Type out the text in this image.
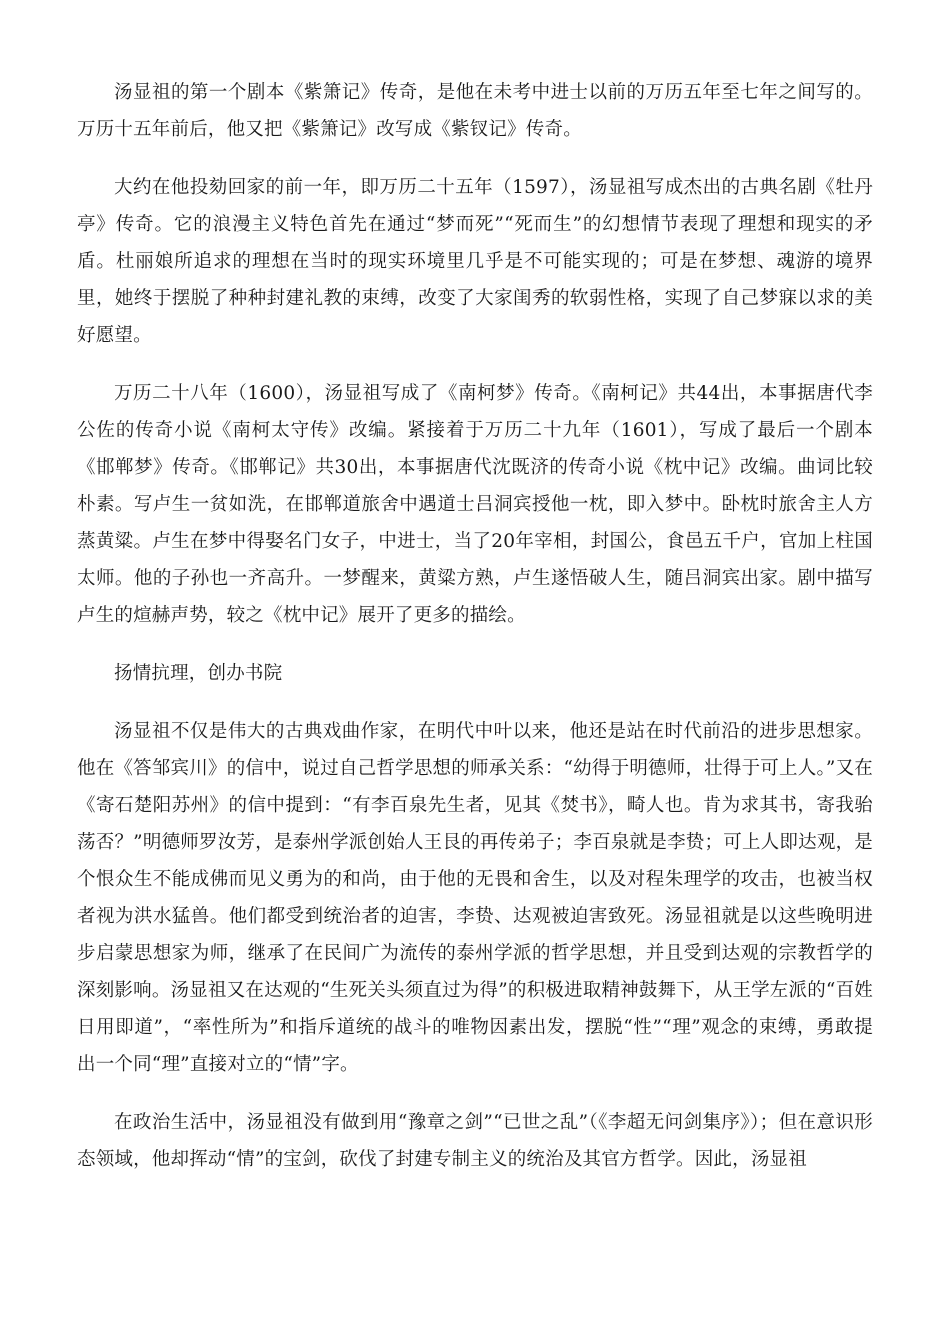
汤显祖的第一个剧本《紫箫记》传奇，是他在未考中进士以前的万历五年至七年之间写的。万历十五年前后，他又把《紫箫记》改写成《紫钗记》传奇。

大约在他投劾回家的前一年，即万历二十五年（1597），汤显祖写成杰出的古典名剧《牡丹亭》传奇。它的浪漫主义特色首先在通过“梦而死”“死而生”的幻想情节表现了理想和现实的矛盾。杜丽娘所追求的理想在当时的现实环境里几乎是不可能实现的；可是在梦想、魂游的境界里，她终于摆脱了种种封建礼教的束缚，改变了大家闺秀的软弱性格，实现了自己梦寐以求的美好愿望。

万历二十八年（1600），汤显祖写成了《南柯梦》传奇。《南柯记》共44出，本事据唐代李公佐的传奇小说《南柯太守传》改编。紧接着于万历二十九年（1601），写成了最后一个剧本《邯郸梦》传奇。《邯郸记》共30出，本事据唐代沈既济的传奇小说《枕中记》改编。曲词比较朴素。写卢生一贫如洗，在邯郸道旅舍中遇道士吕洞宾授他一枕，即入梦中。卧枕时旅舍主人方蒸黄粱。卢生在梦中得娶名门女子，中进士，当了20年宰相，封国公，食邑五千户，官加上柱国太师。他的子孙也一齐高升。一梦醒来，黄粱方熟，卢生遂悟破人生，随吕洞宾出家。剧中描写卢生的煊赫声势，较之《枕中记》展开了更多的描绘。

扬情抗理，创办书院

汤显祖不仅是伟大的古典戏曲作家，在明代中叶以来，他还是站在时代前沿的进步思想家。他在《答邹宾川》的信中，说过自己哲学思想的师承关系：“幼得于明德师，壮得于可上人。”又在《寄石楚阳苏州》的信中提到：“有李百泉先生者，见其《焚书》，畸人也。肯为求其书，寄我骀荡否？”明德师罗汝芳，是泰州学派创始人王艮的再传弟子；李百泉就是李贽；可上人即达观，是个恨众生不能成佛而见义勇为的和尚，由于他的无畏和舍生，以及对程朱理学的攻击，也被当权者视为洪水猛兽。他们都受到统治者的迫害，李贽、达观被迫害致死。汤显祖就是以这些晚明进步启蒙思想家为师，继承了在民间广为流传的泰州学派的哲学思想，并且受到达观的宗教哲学的深刻影响。汤显祖又在达观的“生死关头须直过为得”的积极进取精神鼓舞下，从王学左派的“百姓日用即道”，“率性所为”和指斥道统的战斗的唯物因素出发，摆脱“性”“理”观念的束缚，勇敢提出一个同“理”直接对立的“情”字。

在政治生活中，汤显祖没有做到用“豫章之剑”“已世之乱”（《李超无问剑集序》）；但在意识形态领域，他却挥动“情”的宝剑，砍伐了封建专制主义的统治及其官方哲学。因此，汤显祖
